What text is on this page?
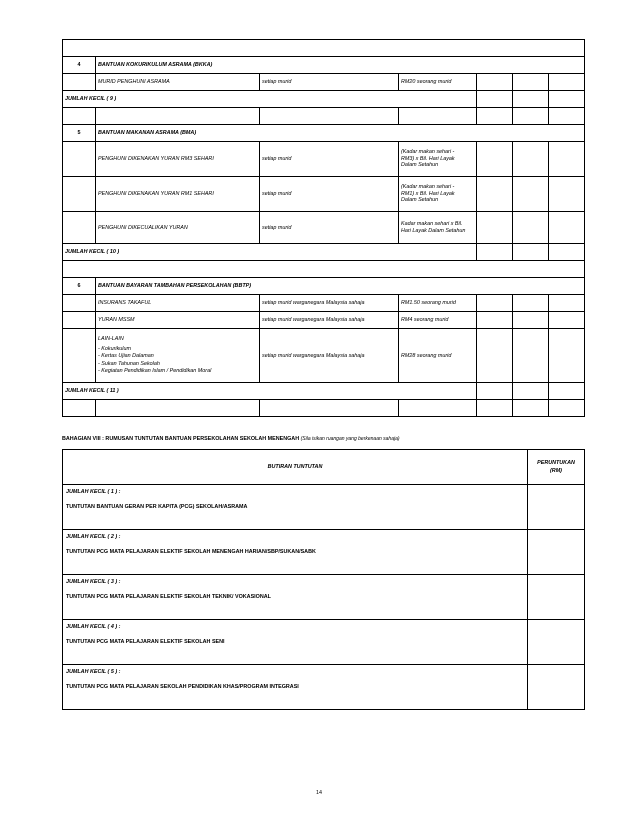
4	BANTUAN KOKURIKULUM ASRAMA (BKKA)					
	MURID PENGHUNI ASRAMA	setiap murid	RM20 seorang murid			
JUMLAH KECIL ( 9 )						

5	BANTUAN MAKANAN ASRAMA (BMA)					
	PENGHUNI DIKENAKAN YURAN RM3 SEHARI	setiap murid	(Kadar makan sehari -
RM3) x Bil. Hari Layak
Dalam Setahun			

	PENGHUNI DIKENAKAN YURAN RM1 SEHARI	setiap murid	(Kadar makan sehari -
RM1) x Bil. Hari Layak
Dalam Setahun			

	PENGHUNI DIKECUALIKAN YURAN	setiap murid	Kadar makan sehari x Bil.
Hari Layak Dalam Setahun			

JUMLAH KECIL ( 10 )						

6	BANTUAN BAYARAN TAMBAHAN PERSEKOLAHAN (BBTP)					
	INSURANS TAKAFUL	setiap murid warganegara Malaysia sahaja	RM1.50 seorang murid			
	YURAN MSSM	setiap murid warganegara Malaysia sahaja	RM4 seorang murid			

	LAIN-LAIN
- Kokurikulum
- Kertas Ujian Dalaman
- Sukan Tahunan Sekolah
- Kegiatan Pendidikan Islam / Pendidikan Moral	setiap murid warganegara Malaysia sahaja	RM28 seorang murid			
JUMLAH KECIL ( 11 )						

BAHAGIAN VIII : RUMUSAN TUNTUTAN BANTUAN PERSEKOLAHAN SEKOLAH MENENGAH (Sila isikan ruangan yang berkenaan sahaja)
BUTIRAN TUNTUTAN	PERUNTUKAN
(RM)

JUMLAH KECIL ( 1 ) :
TUNTUTAN BANTUAN GERAN PER KAPITA (PCG) SEKOLAH/ASRAMA	

JUMLAH KECIL ( 2 ) :
TUNTUTAN PCG MATA PELAJARAN ELEKTIF SEKOLAH MENENGAH HARIAN/SBP/SUKAN/SABK	

JUMLAH KECIL ( 3 ) :
TUNTUTAN PCG MATA PELAJARAN ELEKTIF SEKOLAH TEKNIK/ VOKASIONAL	

JUMLAH KECIL ( 4 ) :
TUNTUTAN PCG MATA PELAJARAN ELEKTIF SEKOLAH SENI	

JUMLAH KECIL ( 5 ) :
TUNTUTAN PCG MATA PELAJARAN SEKOLAH PENDIDIKAN KHAS/PROGRAM INTEGRASI	

14
